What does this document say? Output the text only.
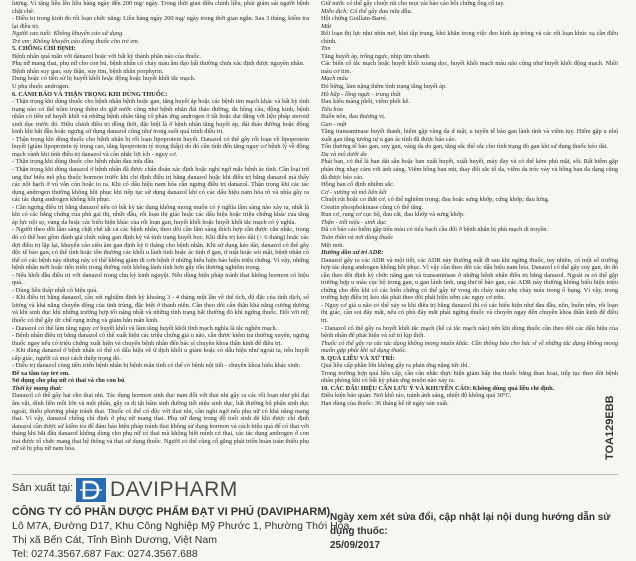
lượng. Vì tăng liều lên liều hàng ngày đến 200 mg/ ngày. Trong thời gian điều chỉnh liều, phải giám sát người bệnh chặt chẽ.

- Điều trị trong kinh đo rối loạn chức năng: Liều hàng ngày 200 mg/ ngày trong thời gian ngắn. Sau 3 tháng, kiểm tra lại điều trị.

Người cao tuổi: Không khuyến cáo sử dụng.

Trẻ em: Không khuyến cáo dùng thuốc cho trẻ em.

5. CHỐNG CHỈ ĐỊNH:

Bệnh nhân quá mẫn với danazol hoặc với bất kỳ thành phần nào của thuốc.

Phụ nữ mang thai, phụ nữ cho con bú, bệnh nhân có chảy máu âm đạo bất thường chưa xác định được nguyên nhân.

Bệnh nhân suy gan, suy thận, suy tim, bệnh nhân porphyrin.

Dung hoặc có tiền sử bị huyết khối hoặc động hoặc huyết khối tắc mạch.

U phụ thuộc androgen.

6. CẢNH BÁO VÀ THẬN TRỌNG KHI DÙNG THUỐC:

- Thận trọng khi dùng thuốc cho bệnh nhân bệnh hoặc gan, tăng huyết áp hoặc các bệnh tim mạch khác và bất kỳ tình trạng nào có thể trầm trọng thêm do giữ nước cũng như bệnh nhân đái tháo đường, đa hồng cầu, động kinh, bệnh nhân có tiền sử huyết khối và những bệnh nhân tăng cô phản ứng androgen ở tất hoặc dai dẳng với liệu pháp steroid sinh dục trước đó. Điều chỉnh điều trị đồng thời, đặc biệt là ở bệnh nhân tăng huyết áp, đái tháo đường hoặc động kinh khi bắt đầu hoặc ngưng sử dụng danazol cũng như trong suốt quá trình điều trị.

- Thận trọng khi dùng thuốc cho bệnh nhân bị rối loạn lipoprotein huyết. Danazol có thể gây rối loạn về lipoprotein huyết (giảm lipoprotein tỷ trọng cao, tăng lipoprotein tỷ trọng thấp) do đó cần tính đến tăng nguy cơ bệnh lý về động mạch vành khi tính điều trị danazol và cân nhắc lợi ích - nguy cơ.

- Thận trọng khi dùng thuốc cho bệnh nhân đau nửa đầu.

- Thận trọng khi dùng danazol ở bệnh nhân đã được chẩn đoán xác định hoặc nghi ngờ mắc bệnh ác tính. Cần loại trừ ung thư biểu mô phụ thuộc hormon trước khi chỉ định điều trị bằng danazol hoặc khi điều trị bằng danazol mà thấy các nốt hạch ở vú vẫn còn hoặc to ra. Khi có dấu hiệu nam hóa cần ngưng điều trị danazol. Thận trọng khi các tác dụng androgen thường không hồi phục khi tiếp tục sử dụng danazol khi có các dấu hiệu nam hóa rõ và nhìa gây ra các tác dụng androgen không hồi phục.

- Cần ngưng điều trị bằng danazol nếu có bất kỳ tác dụng không mong muốn có ý nghĩa lâm sàng nào xảy ra, nhất là khi có các bằng chứng của phù gai thị, nhức đầu, rối loạn thị giác hoặc các dấu hiệu hoặc triệu chứng khác của tăng áp lực nội sọ, vàng da hoặc các biểu hiện khác của rối loạn gan, huyết khối hoặc huyết khối tắc mạch có ý nghĩa.

- Người theo dõi lâm sàng chặt chẽ tất cả các bệnh nhân, theo dõi cần lâm sàng thích hợp cần được cân nhắc, trong đó có thể bao gồm đánh giá chức năng gan định kỳ và tình trạng huyết học. Khi điều trị kéo dài (> 6 tháng) hoặc các đợt điều trị lặp lại, khuyến cáo siêu âm gan định kỳ 6 tháng cho bệnh nhân. Khi sử dụng kéo dài, danazol có thể gây độc tế bào gan, có thể tình hoặc tổn thương các khối u lành tính hoặc ác tính ở gan, ứ mật hoặc sỏi mật, bệnh nhân có thể có các bệnh này nhưng này có thể không giảm đi cơn bệnh ở những biểu hiện báo hiệu triệu chứng. Vì vậy, những bệnh nhân mới hoặc tiến triển trong đường ruột không lành tính hơn gây tổn thương nghiêm trọng.

- Nếu khối đầu điều trị với danazol trong chu kỳ kinh nguyệt. Nếu dùng biện pháp tránh thai không hormon có hiệu quả.

- Dùng liều thấp nhất có hiệu quả.

- Khi điều trị bằng danazol, cần xét nghiệm định kỳ khoảng 3 - 4 tháng một lần về thể tích, độ đặc của tinh dịch, số lượng và khả năng chuyển động của tinh trùng, đặc biệt ở thanh niên. Cần theo dõi cẩn thận khả năng cương dương và khí sinh dục khi những trường hợp tối nặng nhất và những tình trạng bất thường đó khi ngừng thuốc. Đối với nữ, thuốc có thể gây ức chế rụng trứng và giảm hẳn mãn kinh.

- Danazol có thể làm tăng nguy cơ huyết khối và làm tăng huyết khối tĩnh mạch nghĩa là tắc nghẽn mạch.

- Bệnh nhân điều trị bằng danazol có thể xuất hiện các triệu chứng giả u não, cần được kiểm tra thường xuyên, ngưng thuốc ngay nếu có triệu chứng xuất hiện và chuyển bệnh nhân đến bác sĩ chuyên khoa thần kinh để điều trị.

- Khi dùng danazol ở bệnh nhân có thể có dấu hiệu về ứ dịch khối u giảm hoặc có dấu hiệu như ngoài ta, nếu huyết cấp giác, người cả mọi cách thiếp trọng đó.

- Điều trị danazol cùng tiền triển bệnh nhân bị bệnh mãn tính có thể có bệnh nội tiết - chuyên khoa hiểu khác sinh:

Để xa tầm tay trẻ em.

Sử dụng cho phụ nữ có thai và cho con bú

Thời kỳ mang thai:

Danazol có thể gây hại cho thai nhi. Tác dụng hormon sinh dục nam đối với thai nhi gây ra các rối loạn như phì đại âm vật, dính liền môi lớn và một phần, gây ra dị tật bẩm sinh đường tiết niệu sinh dục, bất thường bộ phận sinh dục ngoài, thiếu phương pháp tránh thai. Thuốc có thể có độc với thai nhi, cần nghi ngờ nếu phụ nữ có khả năng mang thai. Vì vậy, danazol chống chỉ định ở phụ nữ mang thai. Phụ nữ đang trong độ tuổi sinh đẻ khi được chỉ định danazol cần được sử kiểm tra để đảm bảo hiện pháp tránh thai không sử dụng hormon và cách hiệu quả để có thai với tháng khi bắt đầu danazol không dùng cho phụ nữ có thai mà không biết mình có thai, các tác dụng androgen ở con trai được tổ chức mang thai hệ thống và thai sử dụng thuốc. Người có thể cũng cố gắng phát triển hoàn toàn thiếu phụ nữ sẽ bị phụ nữ nam hóa.

Giữ nước có thể gây chuột rút cho mọi vài bảo cảo hồi chứng ống cổ tay.

Miễn dịch: Có thể gây đau nửa đầu.

Hội chứng Guillain-Barré.

Mắt

Rối loạn thị lực như nhìn mờ, khó tập trung, khó khăn trong việc đeo kính áp tròng và các rối loạn khúc xạ cần điều chỉnh.

Tim

Tăng huyết áp, trống ngực, nhịp tim nhanh.

Các biến cố tắc mạch hoặc huyết khối xoang dọc, huyết khối mạch máu não cũng như huyết khối động mạch. Nhồi máu cơ tim.

Mạch máu

Đỏ bừng, làm nặng thêm tình trạng tăng huyết áp.

Hô hấp - lồng ngực - trung thất

Đau kiểu màng phổi, viêm phổi kẽ.

Tiêu hóa

Buồn nôn, đau thượng vị.

Gan - mật

Tăng transaminase huyết thanh, hiếm gặp vàng da ứ mật, u tuyến tế bào gan lành tính và viêm tụy. Hiếm gặp u nhú xuất gan tăng tương tự u gan ác tính đã được báo cáo.

Tổn thương tế bào gan, suy gan, vàng da do gan, tăng sắc thể sắc cho tình trạng đó gan khi sử dụng thuốc kéo dài.

Da và mô dưới da

Phát ban, có thể là ban dát sần hoặc ban xuất huyết, xuất huyết, mày đay và có thể kèm phù mặt, sốt. Rất hiếm gặp phản ứng nhạy cảm với ánh sáng. Viêm hồng ban nút, thay đổi sắc tố da, viêm da tróc vảy và hồng ban đa dạng cũng đã được báo cáo.

Hồng ban cố định nhiễm sắc.

Cơ - xương và mô liên kết

Chuột rút hoặc co thắt cơ, có thể nghiêm trọng; đau hoặc sưng khớp, cứng khớp; đau lưng.

Creatin phosphokinase cũng có thể tăng.

Run cơ, rung cơ cục bộ, đau cắt, đau khớp và sưng khớp.

Thận - tiết niệu - sinh dục

Đã có báo cáo hiếm gặp tiểu máu có tiểu bạch cầu đối ở bệnh nhân bị phù mạch di truyền.

Toàn thân và nơi dùng thuốc

Mệt mỏi.

Hướng dẫn xử trí ADR:

Danazol gây ra các ADR và một tiết, các ADR này thường mất đi sau khi ngừng thuốc, tuy nhiên, có một số trường hợp tác dụng androgen không hồi phục. Vì vậy cần theo dõi các dấu hiệu nam hóa. Danazol có thể gây suy gan, do đó cần theo dõi định kỳ chức năng gan và transaminase ở những bệnh nhân điều trị bằng danazol. Ngoài ra có thể gặp trường hợp u máu cục bộ trong gan, u gan lành tính, ung thư tế bào gan, các ADR này thường không biểu hiện triệu chứng cho đến khi có các biến chứng có thể gây tử vong do chảy máu nhẹ chảy máu trong ổ bụng. Vì vậy, trong trường hợp điều trị kéo dài phải theo dõi phát hiện sớm các nguy cơ trên.

- Nguy cơ giả u não có thể xảy ra khi điều trị bằng danazol thì có các biểu hiện như đau đầu, nôn, buồn nôn, rối loạn thị giác, cần soi đáy mắt, nếu có phù đáy mắt phải ngừng thuốc và chuyển ngay đến chuyên khoa thần kinh để điều trị.

- Danazol có thể gây ra huyết khối tắc mạch (kể cả tắc mạch não) nên khi dùng thuốc cần theo dõi các dấu hiệu của bệnh nhân để phát hiện và xử trí kịp thời.

Thuốc có thể gây ra các tác dụng không mong muốn khác. Cần thông báo cho bác sĩ về những tác dụng không mong muốn gặp phải khi sử dụng thuốc.

9. QUÁ LIỀU VÀ XỬ TRÍ:

Quá liều cấp phần lớn không gây ra phản ứng nặng tức thì.

Trong trường hợp quá liều cấp, cần cân nhắc thực hiện giảm hấp thu thuốc bằng than hoạt, tiếp tục theo dõi bệnh nhân phòng khi có bất kỳ phản ứng muộn nào xảy ra.

10. CÁC DẤU HIỆU CẦN LƯU Ý VÀ KHUYẾN CÁO: Không dùng quá liều chỉ định.

Điều kiện bảo quản: Nơi khô ráo, tránh ánh sáng, nhiệt độ không quá 30°C.

Hạn dùng của thuốc: 36 tháng kể từ ngày sản xuất.

Sản xuất tại: DAVIPHARM
CÔNG TY CỔ PHẦN DƯỢC PHẨM ĐẠT VI PHÚ (DAVIPHARM)
Lô M7A, Đường D17, Khu Công Nghiệp Mỹ Phước 1, Phường Thới Hòa,
Thị xã Bến Cát, Tỉnh Bình Dương, Việt Nam
Tel: 0274.3567.687 Fax: 0274.3567.688
Ngày xem xét sửa đổi, cập nhật lại nội dung hướng dẫn sử dụng thuốc:
25/09/2017
TOA129EBB
